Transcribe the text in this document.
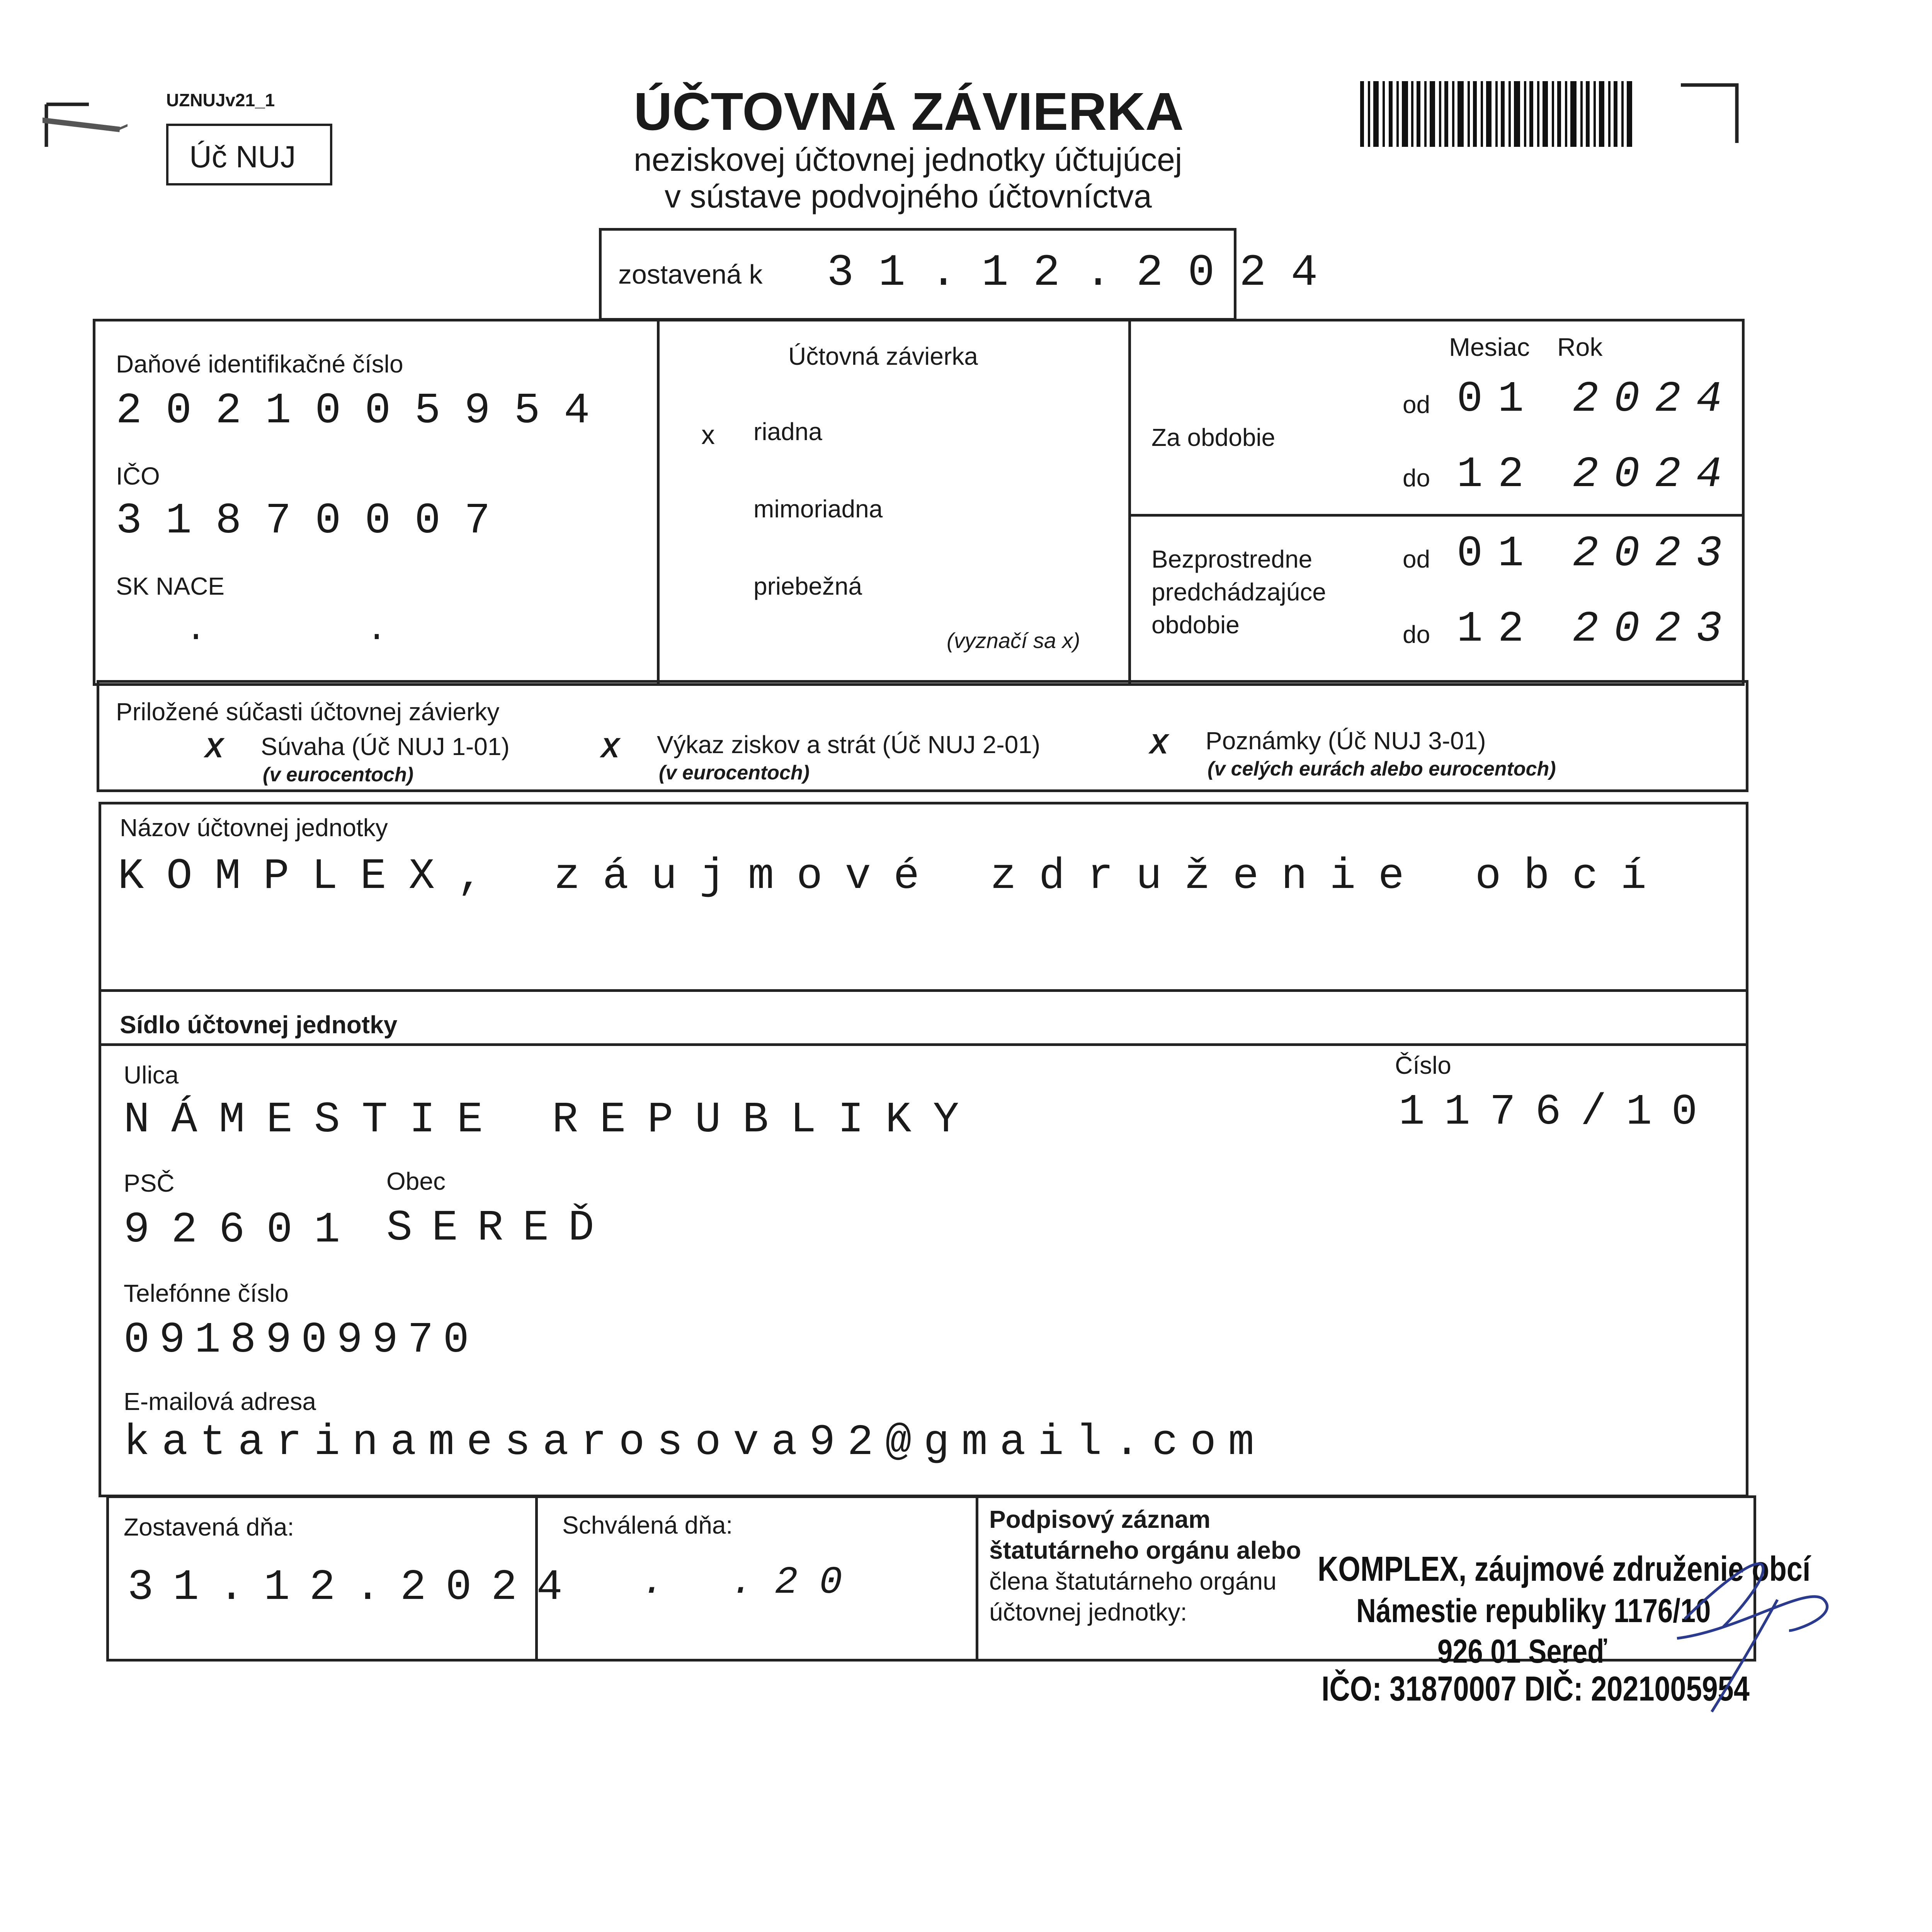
UZNUJv21_1
Úč NUJ
ÚČTOVNÁ ZÁVIERKA
neziskovej účtovnej jednotky účtujúcej
v sústave podvojného účtovníctva
zostavená k 31.12.2024
Daňové identifikačné číslo
2021005954
IČO
31870007
SK NACE
. .
Účtovná závierka
x riadna
mimoriadna
priebežná
(vyznačí sa x)
Mesiac Rok
Za obdobie
od 01 2024
do 12 2024
Bezprostredne
predchádzajúce
obdobie
od 01 2023
do 12 2023
Priložené súčasti účtovnej závierky
X Súvaha (Úč NUJ 1-01)
(v eurocentoch)
X Výkaz ziskov a strát (Úč NUJ 2-01)
(v eurocentoch)
X Poznámky (Úč NUJ 3-01)
(v celých eurách alebo eurocentoch)
Názov účtovnej jednotky
KOMPLEX, záujmové združenie obcí
Sídlo účtovnej jednotky
Ulica
NÁMESTIE REPUBLIKY
Číslo
1176/10
PSČ
92601
Obec
SEREĎ
Telefónne číslo
0918909970
E-mailová adresa
katarinamesarosova92@gmail.com
Zostavená dňa:
31.12.2024
Schválená dňa:
. .20
Podpisový záznam
štatutárneho orgánu alebo
člena štatutárneho orgánu
účtovnej jednotky:
KOMPLEX, záujmové združenie obcí
Námestie republiky 1176/10
926 01 Sereď
IČO: 31870007 DIČ: 2021005954
